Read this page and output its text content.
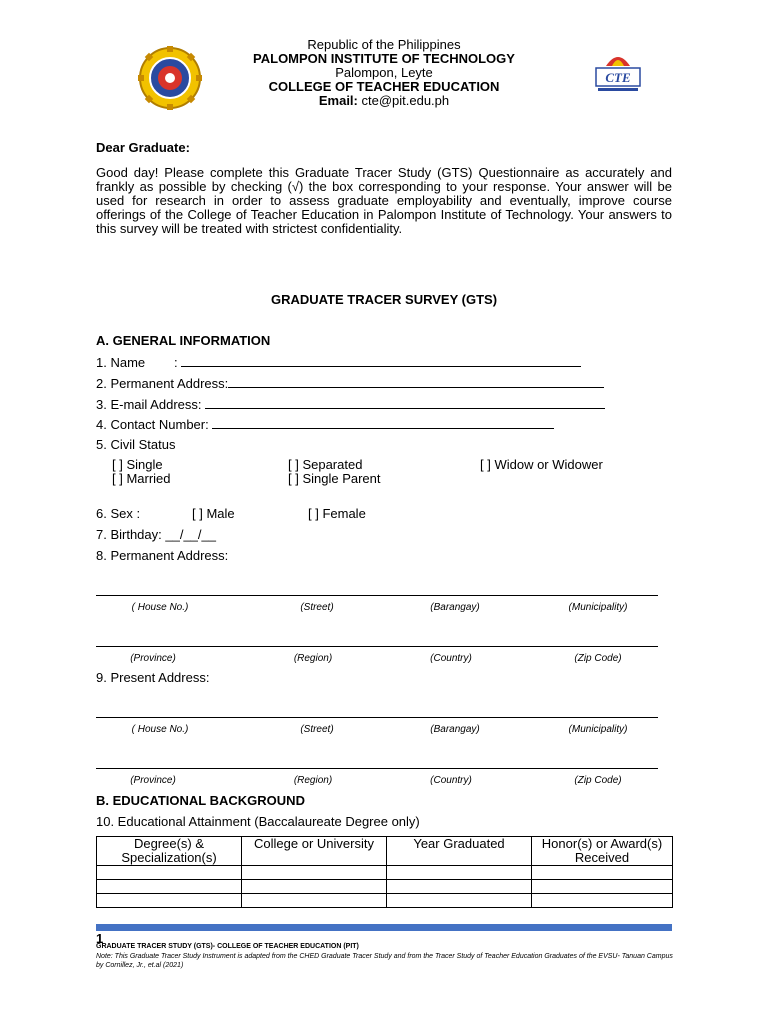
Republic of the Philippines
PALOMPON INSTITUTE OF TECHNOLOGY
Palompon, Leyte
COLLEGE OF TEACHER EDUCATION
Email: cte@pit.edu.ph
CTE
Dear Graduate:
Good day! Please complete this Graduate Tracer Study (GTS) Questionnaire as accurately and frankly as possible by checking (√) the box corresponding to your response. Your answer will be used for research in order to assess graduate employability and eventually, improve course offerings of the College of Teacher Education in Palompon Institute of Technology. Your answers to this survey will be treated with strictest confidentiality.
GRADUATE TRACER SURVEY (GTS)
A. GENERAL INFORMATION
1. Name        :
2. Permanent Address:
3. E-mail Address:
4. Contact Number:
5. Civil Status
[ ] Single
[ ] Married
[ ] Separated
[ ] Single Parent
[ ] Widow or Widower
6. Sex :	[ ] Male	[ ] Female
7. Birthday: __/__/__
8. Permanent Address:
( House No.)	(Street)	(Barangay)	(Municipality)
(Province)	(Region)	(Country)	(Zip Code)
9. Present Address:
( House No.)	(Street)	(Barangay)	(Municipality)
(Province)	(Region)	(Country)	(Zip Code)
B. EDUCATIONAL BACKGROUND
10. Educational Attainment (Baccalaureate Degree only)
Degree(s) & Specialization(s)	College or University	Year Graduated	Honor(s) or Award(s) Received

1
GRADUATE TRACER STUDY (GTS)- COLLEGE OF TEACHER EDUCATION (PIT)
Note: This Graduate Tracer Study Instrument is adapted from the CHED Graduate Tracer Study and from the Tracer Study of Teacher Education Graduates of the EVSU- Tanuan Campus by Cornillez, Jr., et.al (2021)
